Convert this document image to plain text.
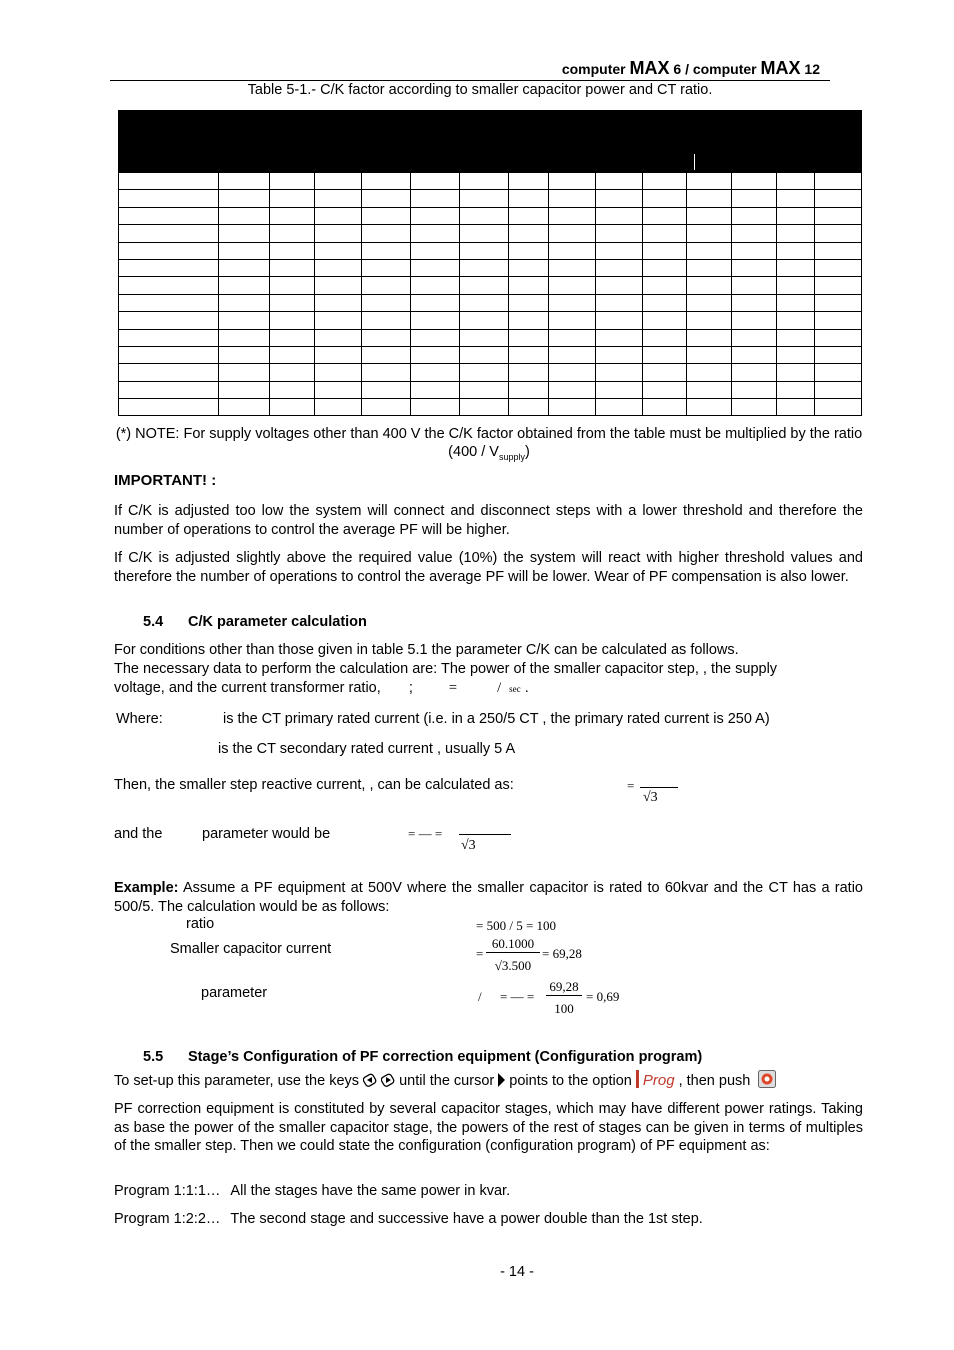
computer MAX 6 / computer MAX 12
Table 5-1.- C/K factor according to smaller capacitor power and CT ratio.

(*) NOTE: For supply voltages other than 400 V the C/K factor obtained from the table must be multiplied by the ratio $(400 / V_{supply})$
IMPORTANT! :
If C/K is adjusted too low the system will connect and disconnect steps with a lower threshold and therefore the number of operations to control the average PF will be higher.
If C/K is adjusted slightly above the required value (10%) the system will react with higher threshold values and therefore the number of operations to control the average PF will be lower. Wear of PF compensation is also lower.
5.4 C/K parameter calculation
For conditions other than those given in table 5.1 the parameter C/K can be calculated as follows.
The necessary data to perform the calculation are: The power of the smaller capacitor step, , the supply
voltage, and the current transformer ratio, ; =	/ sec .
Where:	is the CT primary rated current (i.e. in a 250/5 CT , the primary rated current is 250 A)
is the CT secondary rated current , usually 5 A
Then, the smaller step reactive current, , can be calculated as:	=
√3
and the	parameter would be	= — =
√3
Example: Assume a PF equipment at 500V where the smaller capacitor is rated to 60kvar and the CT has a ratio 500/5. The calculation would be as follows:
ratio	= 500 / 5 = 100
Smaller capacitor current	=
60.1000
√3.500
= 69,28
parameter	/ = — =
69,28
100
= 0,69
5.5 Stage’s Configuration of PF correction equipment (Configuration program)
To set-up this parameter, use the keys	until the cursor points to the option Prog , then push
PF correction equipment is constituted by several capacitor stages, which may have different power ratings. Taking as base the power of the smaller capacitor stage, the powers of the rest of stages can be given in terms of multiples of the smaller step. Then we could state the configuration (configuration program) of PF equipment as:
Program 1:1:1… All the stages have the same power in kvar.
Program 1:2:2… The second stage and successive have a power double than the 1st step.
- 14 -
